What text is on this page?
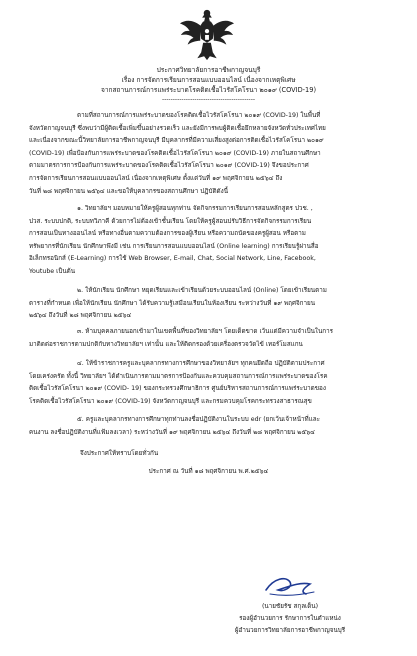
ประกาศวิทยาลัยการอาชีพกาญจนบุรี
เรื่อง การจัดการเรียนการสอนแบบออนไลน์ เนื่องจากเหตุพิเศษ
จากสถานการณ์การแพร่ระบาดโรคติดเชื้อไวรัสโคโรนา ๒๐๑๙ (COVID-19)
-------------------------------------------
ตามที่สถานการณ์การแพร่ระบาดของโรคติดเชื้อไวรัสโคโรนา ๒๐๑๙ (COVID-19) ในพื้นที่
จังหวัดกาญจนบุรี ซึ่งพบว่ามีผู้ติดเชื้อเพิ่มขึ้นอย่างรวดเร็ว และยังมีการพบผู้ติดเชื้อยึกหลายจังหวัดทั่วประเทศไทย
และเนื่องจากขณะนี้วิทยาลัยการอาชีพกาญจนบุรี มีบุคลากรที่มีความเสี่ยงสูงต่อการติดเชื้อไวรัสโคโรนา ๒๐๑๙
(COVID-19) เพื่อป้องกันการแพร่ระบาดของโรคติดเชื้อไวรัสโคโรนา ๒๐๑๙ (COVID-19) ภายในสถานศึกษา
ตามมาตรการการป้องกันการแพร่ระบาดของโรคติดเชื้อไวรัสโคโรนา ๒๐๑๙ (COVID-19) จึงขอประกาศ
การจัดการเรียนการสอนแบบออนไลน์ เนื่องจากเหตุพิเศษ ตั้งแต่วันที่ ๑๙ พฤศจิกายน ๒๕๖๔ ถึง
วันที่ ๒๘ พฤศจิกายน ๒๕๖๔ และขอให้บุคลากรของสถานศึกษา ปฏิบัติดังนี้
๑. วิทยาลัยฯ มอบหมายให้ครูผู้สอนทุกท่าน จัดกิจกรรมการเรียนการสอนหลักสูตร ปวช. ,
ปวส. ระบบปกติ, ระบบทวิภาคี ด้วยการไม่ต้องเข้าชั้นเรียน โดยให้ครูผู้สอนปรับวิธีการจัดกิจกรรมการเรียน
การสอนเป็นทางออนไลน์ หรือทางอื่นตามความต้องการของผู้เรียน หรือความถนัดของครูผู้สอน หรือตาม
ทรัพยากรที่นักเรียน นักศึกษาพึงมี เช่น การเรียนการสอนแบบออนไลน์ (Online learning) การเรียนรู้ผ่านสื่อ
อิเล็กทรอนิกส์ (E-Learning) การใช้ Web Browser, E-mail, Chat, Social Network, Line, Facebook,
Youtube เป็นต้น
๒. ให้นักเรียน นักศึกษา หยุดเรียนและเข้าเรียนด้วยระบบออนไลน์ (Online) โดยเข้าเรียนตาม
ตารางที่กำหนด เพื่อให้นักเรียน นักศึกษา ได้รับความรู้เสมือนเรียนในห้องเรียน ระหว่างวันที่ ๑๙ พฤศจิกายน
๒๕๖๔ ถึงวันที่ ๒๘ พฤศจิกายน ๒๕๖๔
๓. ห้ามบุคคลภายนอกเข้ามาในเขตพื้นที่ของวิทยาลัยฯ โดยเด็ดขาด เว้นแต่มีความจำเป็นในการ
มาติดต่อราชการตามปกติกับทางวิทยาลัยฯ เท่านั้น และให้ติดกรองด้วยเครื่องตรวจวัดไข้ เทอร์โมสแกน
๔. ให้ข้าราชการครูและบุคลากรทางการศึกษาของวิทยาลัยฯ ทุกคนยึดถือ ปฏิบัติตามประกาศ
โดยเคร่งครัด ทั้งนี้ วิทยาลัยฯ ได้ดำเนินการตามมาตรการป้องกันและควบคุมสถานการณ์การแพร่ระบาดของโรค
ติดเชื้อไวรัสโคโรนา ๒๐๑๙ (COVID- 19) ของกระทรวงศึกษาธิการ ศูนย์บริหารสถานการณ์การแพร่ระบาดของ
โรคติดเชื้อไวรัสโคโรนา ๒๐๑๙ (COVID-19) จังหวัดกาญจนบุรี และกรมควบคุมโรคกระทรวงสาธารณสุข
๕. ครูและบุคลากรทางการศึกษาทุกท่านลงชื่อปฏิบัติงานในระบบ edr (ยกเว้นเจ้าหน้าที่และ
คนงาน ลงชื่อปฏิบัติงานที่แฟ้มลงเวลา) ระหว่างวันที่ ๑๙ พฤศจิกายน ๒๕๖๔ ถึงวันที่ ๒๘ พฤศจิกายน ๒๕๖๔
จึงประกาศให้ทราบโดยทั่วกัน
ประกาศ ณ วันที่ ๑๘ พฤศจิกายน พ.ศ.๒๕๖๔
(นายชัยรัช สกุลเด็น)
รองผู้อำนวยการ รักษาการในตำแหน่ง
ผู้อำนวยการวิทยาลัยการอาชีพกาญจนบุรี
